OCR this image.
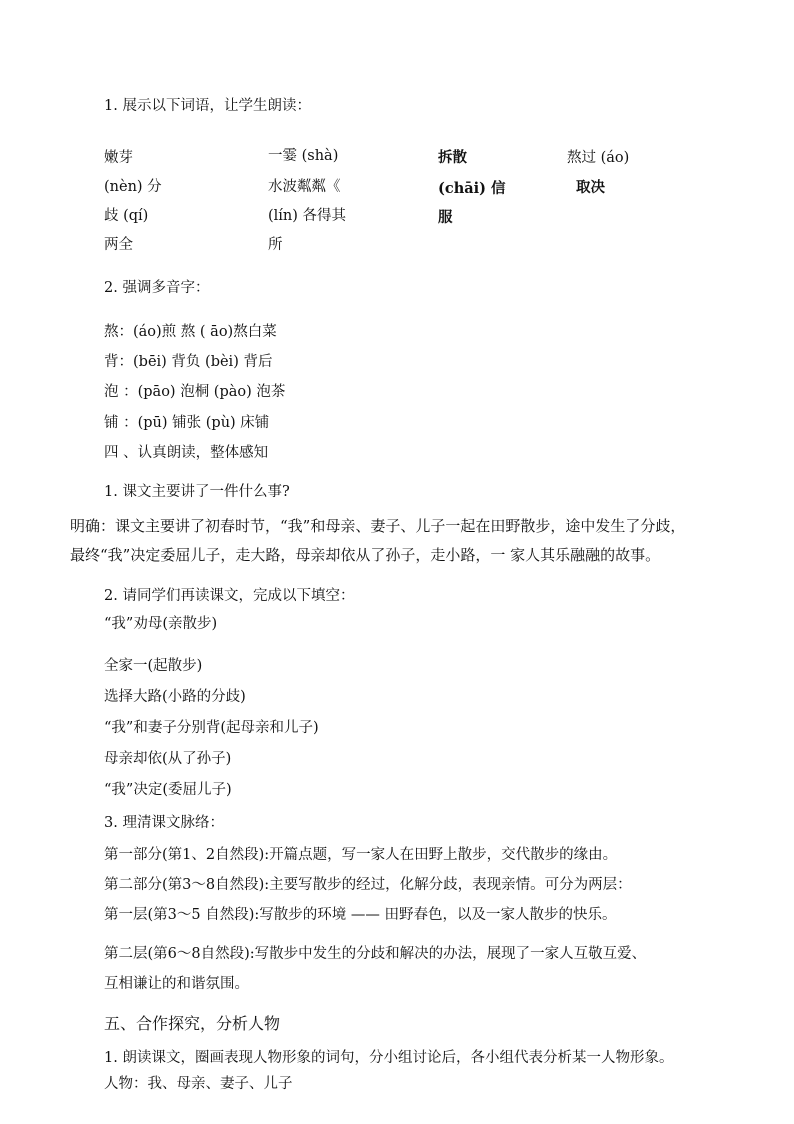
1. 展示以下词语，让学生朗读：
嫩芽
(nèn) 分
歧 (qí)
两全
一霎 (shà)
水波粼粼《
(lín) 各得其
所
拆散
(chāi) 信
服
熬过 (áo)
取决
2. 强调多音字：
熬：(áo)煎 熬 ( āo)熬白菜
背：(bēi) 背负 (bèi) 背后
泡 ：(pāo) 泡桐 (pào) 泡茶
铺 ：(pū) 铺张 (pù) 床铺
四 、认真朗读，整体感知
1. 课文主要讲了一件什么事?
明确：课文主要讲了初春时节，“我”和母亲、妻子、儿子一起在田野散步，途中发生了分歧，
最终“我”决定委屈儿子，走大路，母亲却依从了孙子，走小路，一 家人其乐融融的故事。
2. 请同学们再读课文，完成以下填空：
“我”劝母(亲散步)
全家一(起散步)
选择大路(小路的分歧)
“我”和妻子分别背(起母亲和儿子)
母亲却依(从了孙子)
“我”决定(委屈儿子)
3. 理清课文脉络：
第一部分(第1、2自然段):开篇点题，写一家人在田野上散步，交代散步的缘由。
第二部分(第3～8自然段):主要写散步的经过，化解分歧，表现亲情。可分为两层：
第一层(第3～5 自然段):写散步的环境 —— 田野春色，以及一家人散步的快乐。
第二层(第6～8自然段):写散步中发生的分歧和解决的办法，展现了一家人互敬互爱、
互相谦让的和谐氛围。
五、合作探究，分析人物
1. 朗读课文，圈画表现人物形象的词句，分小组讨论后，各小组代表分析某一人物形象。
人物：我、母亲、妻子、儿子
